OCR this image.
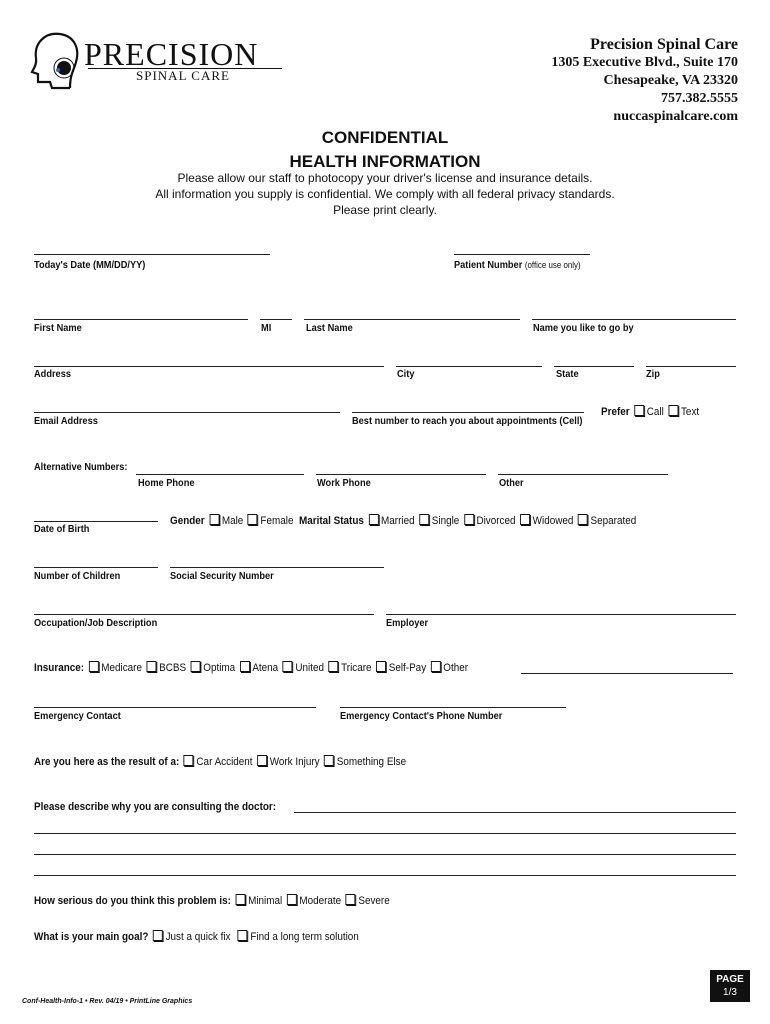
PRECISION
SPINAL CARE
Precision Spinal Care
1305 Executive Blvd., Suite 170
Chesapeake, VA 23320
757.382.5555
nuccaspinalcare.com
CONFIDENTIAL
HEALTH INFORMATION
Please allow our staff to photocopy your driver's license and insurance details.
All information you supply is confidential. We comply with all federal privacy standards.
Please print clearly.
Today's Date (MM/DD/YY)	Patient Number (office use only)
First Name	MI	Last Name	Name you like to go by
Address	City	State	Zip
Email Address	Best number to reach you about appointments (Cell)
Prefer Call Text
Alternative Numbers:
Home Phone	Work Phone	Other
Date of Birth
Gender Male Female Marital Status Married Single Divorced Widowed Separated
Number of Children	Social Security Number
Occupation/Job Description	Employer
Insurance: Medicare BCBS Optima Atena United Tricare Self-Pay Other
Emergency Contact	Emergency Contact's Phone Number
Are you here as the result of a: Car Accident Work Injury Something Else
Please describe why you are consulting the doctor:
How serious do you think this problem is: Minimal Moderate Severe
What is your main goal? Just a quick fix Find a long term solution
Conf-Health-Info-1 • Rev. 04/19 • PrintLine Graphics
PAGE
1/3
